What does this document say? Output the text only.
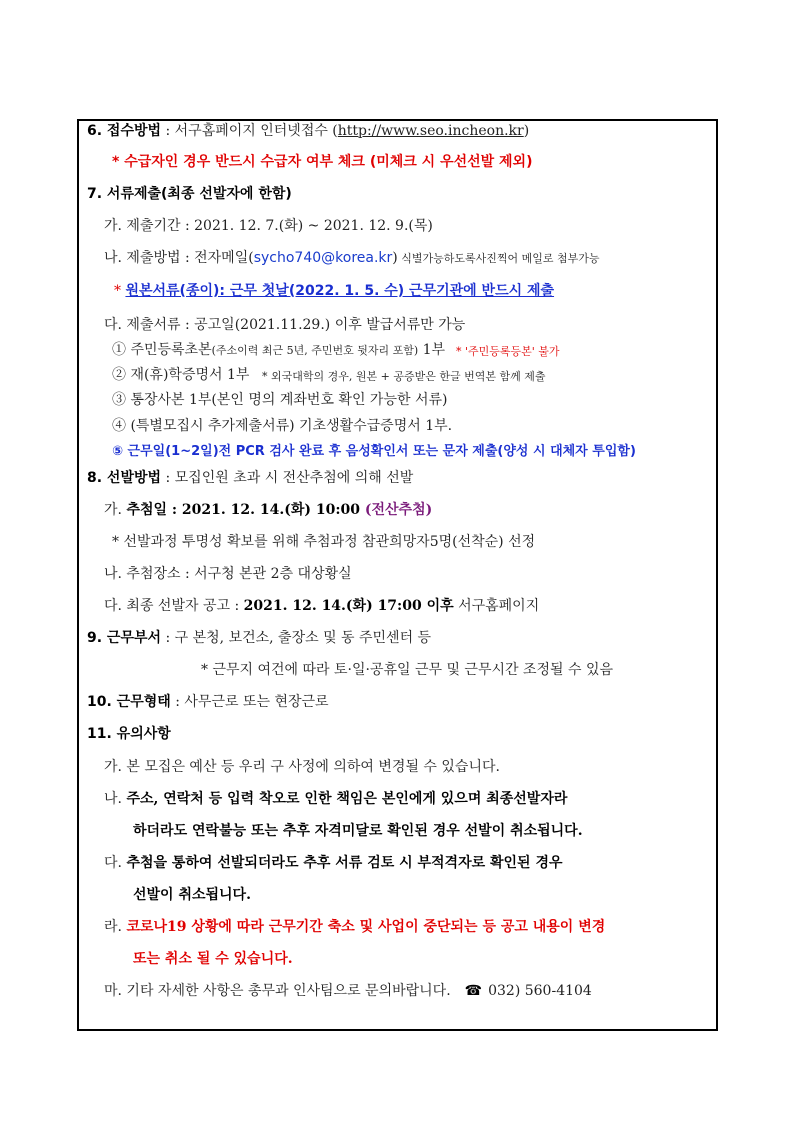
6. 접수방법 : 서구홈페이지 인터넷접수 (http://www.seo.incheon.kr)
* 수급자인 경우 반드시 수급자 여부 체크 (미체크 시 우선선발 제외)
7. 서류제출(최종 선발자에 한함)
가. 제출기간 : 2021. 12. 7.(화) ~ 2021. 12. 9.(목)
나. 제출방법 : 전자메일(sycho740@korea.kr) 식별가능하도록사진찍어 메일로 첨부가능
* 원본서류(종이): 근무 첫날(2022. 1. 5. 수) 근무기관에 반드시 제출
다. 제출서류 : 공고일(2021.11.29.) 이후 발급서류만 가능
① 주민등록초본(주소이력 최근 5년, 주민번호 뒷자리 포함) 1부 * '주민등록등본' 불가
② 재(휴)학증명서 1부 * 외국대학의 경우, 원본 + 공증받은 한글 번역본 함께 제출
③ 통장사본 1부(본인 명의 계좌번호 확인 가능한 서류)
④ (특별모집시 추가제출서류) 기초생활수급증명서 1부.
⑤ 근무일(1~2일)전 PCR 검사 완료 후 음성확인서 또는 문자 제출(양성 시 대체자 투입함)
8. 선발방법 : 모집인원 초과 시 전산추첨에 의해 선발
가. 추첨일 : 2021. 12. 14.(화) 10:00 (전산추첨)
* 선발과정 투명성 확보를 위해 추첨과정 참관희망자5명(선착순) 선정
나. 추첨장소 : 서구청 본관 2층 대상황실
다. 최종 선발자 공고 : 2021. 12. 14.(화) 17:00 이후 서구홈페이지
9. 근무부서 : 구 본청, 보건소, 출장소 및 동 주민센터 등
* 근무지 여건에 따라 토·일·공휴일 근무 및 근무시간 조정될 수 있음
10. 근무형태 : 사무근로 또는 현장근로
11. 유의사항
가. 본 모집은 예산 등 우리 구 사정에 의하여 변경될 수 있습니다.
나. 주소, 연락처 등 입력 착오로 인한 책임은 본인에게 있으며 최종선발자라
하더라도 연락불능 또는 추후 자격미달로 확인된 경우 선발이 취소됩니다.
다. 추첨을 통하여 선발되더라도 추후 서류 검토 시 부적격자로 확인된 경우
선발이 취소됩니다.
라. 코로나19 상황에 따라 근무기간 축소 및 사업이 중단되는 등 공고 내용이 변경
또는 취소 될 수 있습니다.
마. 기타 자세한 사항은 총무과 인사팀으로 문의바랍니다. ☎ 032) 560-4104
